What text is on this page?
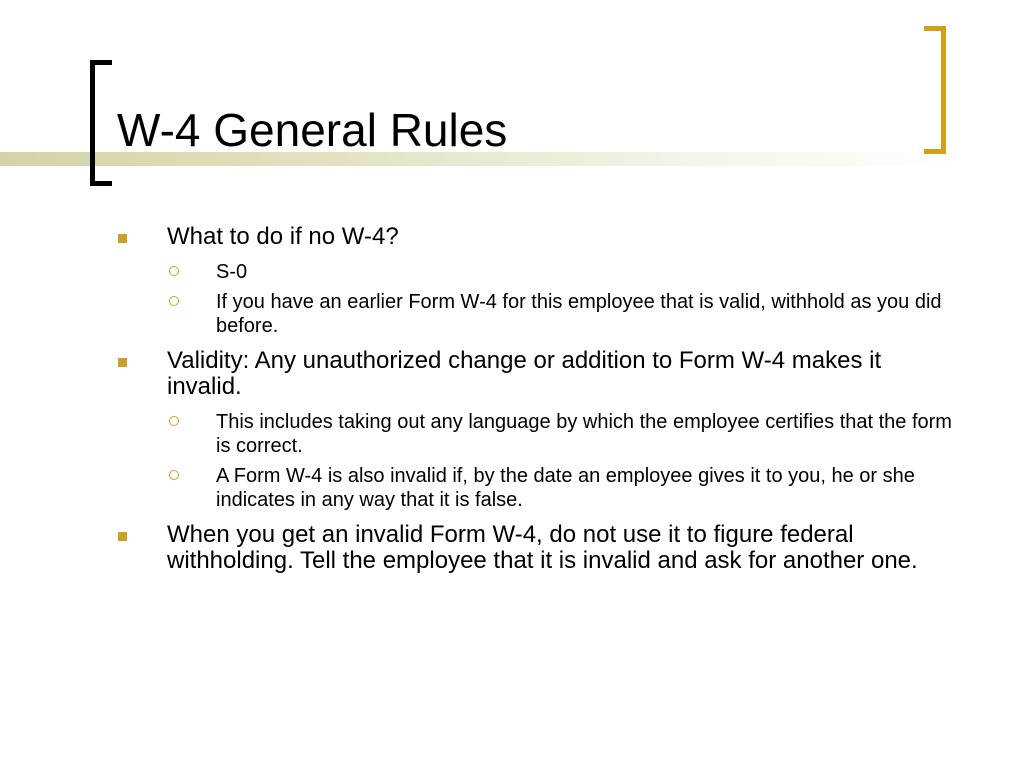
W-4 General Rules
What to do if no W-4?
S-0
If you have an earlier Form W-4 for this employee that is valid, withhold as you did before.
Validity: Any unauthorized change or addition to Form W-4 makes it invalid.
This includes taking out any language by which the employee certifies that the form is correct.
A Form W-4 is also invalid if, by the date an employee gives it to you, he or she indicates in any way that it is false.
When you get an invalid Form W-4, do not use it to figure federal withholding. Tell the employee that it is invalid and ask for another one.
